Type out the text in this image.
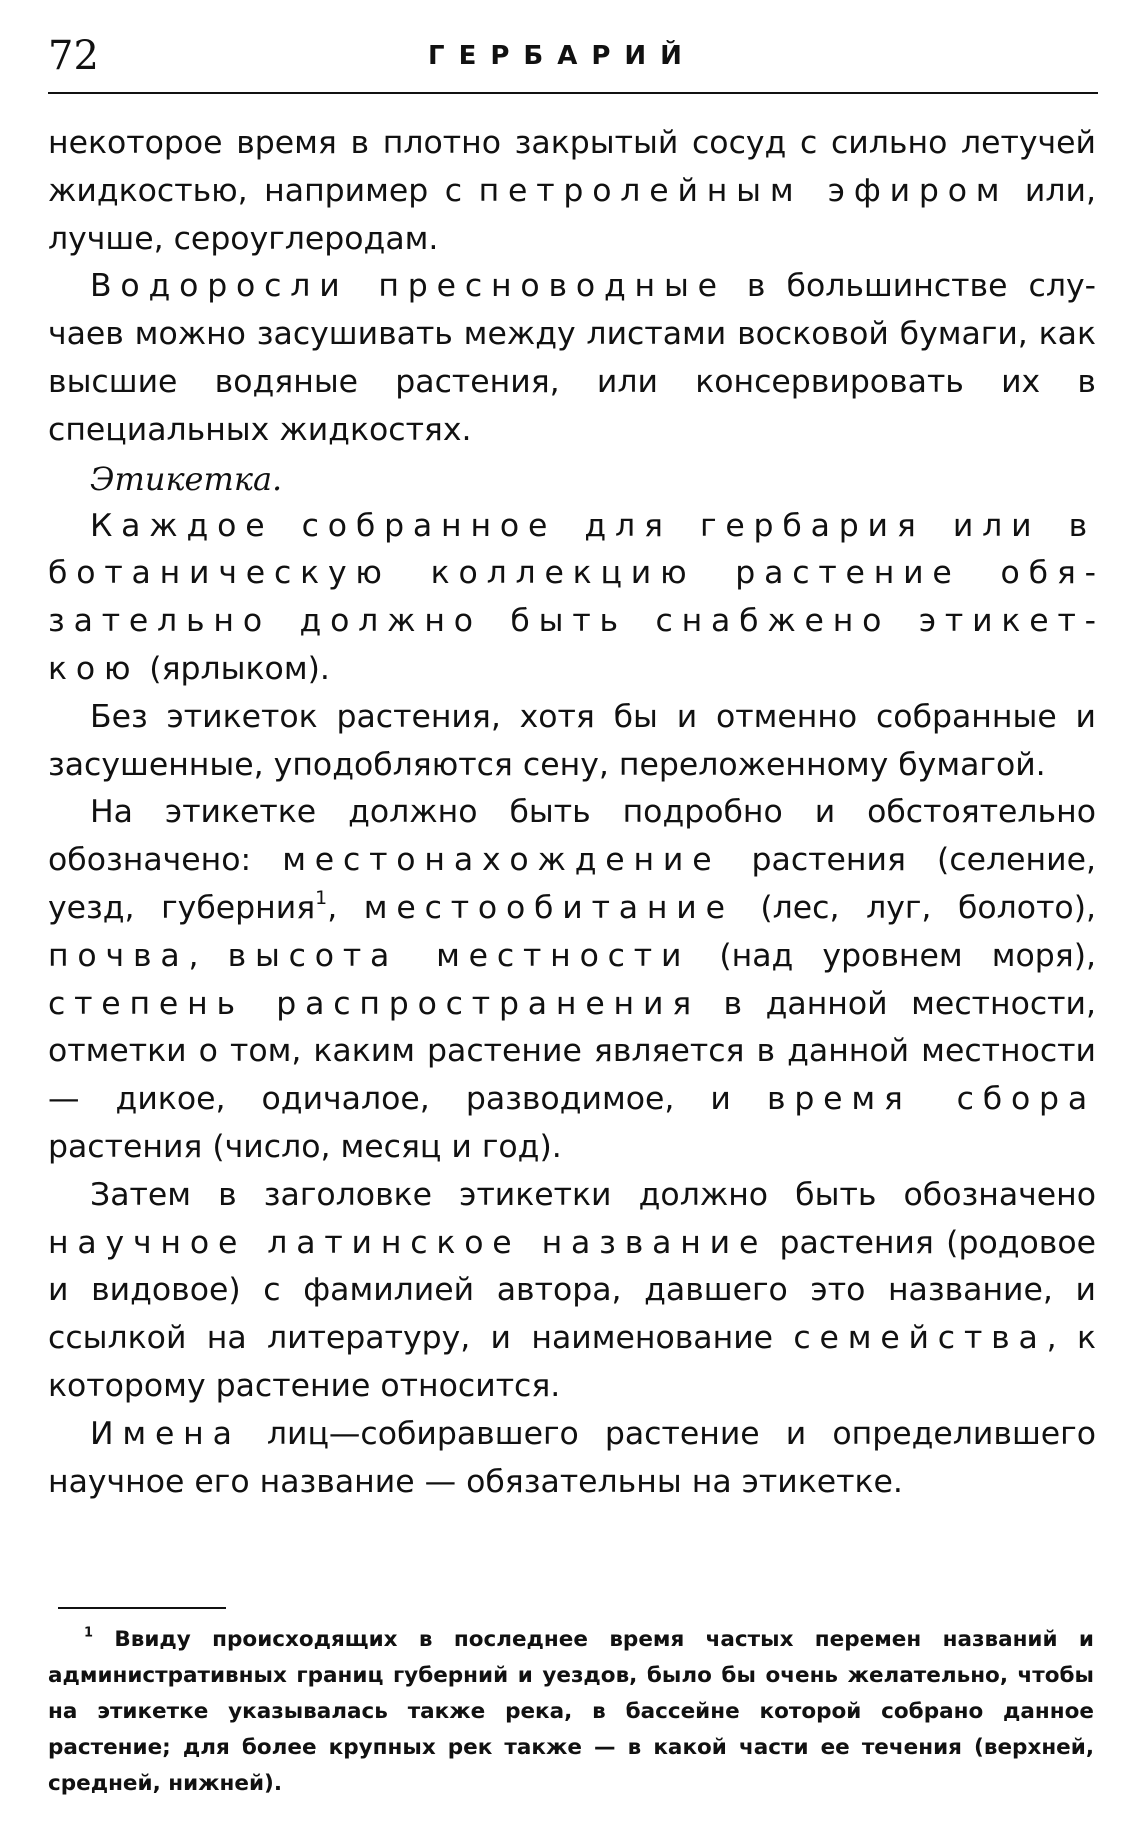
72	ГЕРБАРИЙ

некоторое время в плотно закрытый сосуд с сильно летучей жидкостью, например с петролейным эфиром или, лучше, сероуглеродам.

Водоросли пресноводные в большинстве случаев можно засушивать между листами восковой бумаги, как высшие водяные растения, или консервировать их в специальных жидкостях.

Этикетка.

Каждое собранное для гербария или в ботаническую коллекцию растение обязательно должно быть снабжено этикеткою (ярлыком).

Без этикеток растения, хотя бы и отменно собранные и засушенные, уподобляются сену, переложенному бумагой.

На этикетке должно быть подробно и обстоятельно обозначено: местонахождение растения (селение, уезд, губерния$^1$, местообитание (лес, луг, болото), почва, высота местности (над уровнем моря), степень распространения в данной местности, отметки о том, каким растение является в данной местности — дикое, одичалое, разводимое, и время сбора растения (число, месяц и год).

Затем в заголовке этикетки должно быть обозначено научное латинское название растения (родовое и видовое) с фамилией автора, давшего это название, и ссылкой на литературу, и наименование семейства, к которому растение относится.

Имена лиц—собиравшего растение и определившего научное его название — обязательны на этикетке.

$^1$ Ввиду происходящих в последнее время частых перемен названий и административных границ губерний и уездов, было бы очень желательно, чтобы на этикетке указывалась также река, в бассейне которой собрано данное растение; для более крупных рек также — в какой части ее течения (верхней, средней, нижней).
